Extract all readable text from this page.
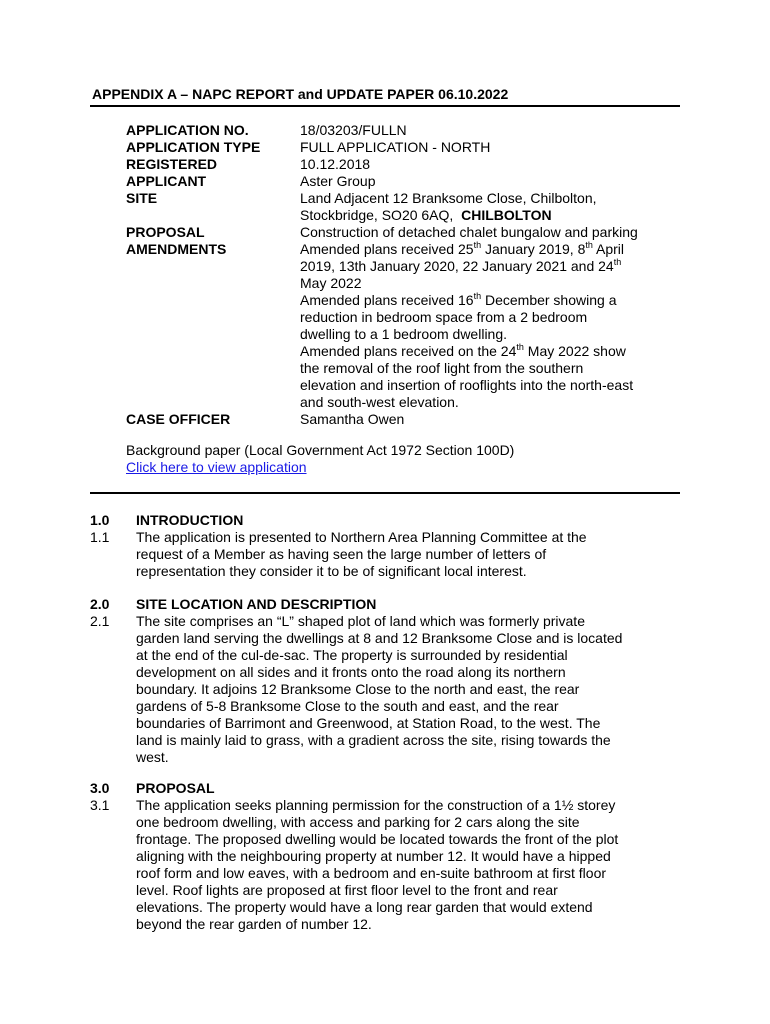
APPENDIX A – NAPC REPORT and UPDATE PAPER 06.10.2022
APPLICATION NO.	18/03203/FULLN
APPLICATION TYPE	FULL APPLICATION - NORTH
REGISTERED	10.12.2018
APPLICANT	Aster Group
SITE	Land Adjacent 12 Branksome Close, Chilbolton,
Stockbridge, SO20 6AQ, CHILBOLTON
PROPOSAL	Construction of detached chalet bungalow and parking
AMENDMENTS	Amended plans received 25th January 2019, 8th April
2019, 13th January 2020, 22 January 2021 and 24th
May 2022
Amended plans received 16th December showing a
reduction in bedroom space from a 2 bedroom
dwelling to a 1 bedroom dwelling.
Amended plans received on the 24th May 2022 show
the removal of the roof light from the southern
elevation and insertion of rooflights into the north-east
and south-west elevation.
CASE OFFICER	Samantha Owen
Background paper (Local Government Act 1972 Section 100D)
Click here to view application
1.0	INTRODUCTION
1.1	The application is presented to Northern Area Planning Committee at the
request of a Member as having seen the large number of letters of
representation they consider it to be of significant local interest.
2.0	SITE LOCATION AND DESCRIPTION
2.1	The site comprises an “L” shaped plot of land which was formerly private
garden land serving the dwellings at 8 and 12 Branksome Close and is located
at the end of the cul-de-sac. The property is surrounded by residential
development on all sides and it fronts onto the road along its northern
boundary. It adjoins 12 Branksome Close to the north and east, the rear
gardens of 5-8 Branksome Close to the south and east, and the rear
boundaries of Barrimont and Greenwood, at Station Road, to the west. The
land is mainly laid to grass, with a gradient across the site, rising towards the
west.
3.0	PROPOSAL
3.1	The application seeks planning permission for the construction of a 1½ storey
one bedroom dwelling, with access and parking for 2 cars along the site
frontage. The proposed dwelling would be located towards the front of the plot
aligning with the neighbouring property at number 12. It would have a hipped
roof form and low eaves, with a bedroom and en-suite bathroom at first floor
level. Roof lights are proposed at first floor level to the front and rear
elevations. The property would have a long rear garden that would extend
beyond the rear garden of number 12.
